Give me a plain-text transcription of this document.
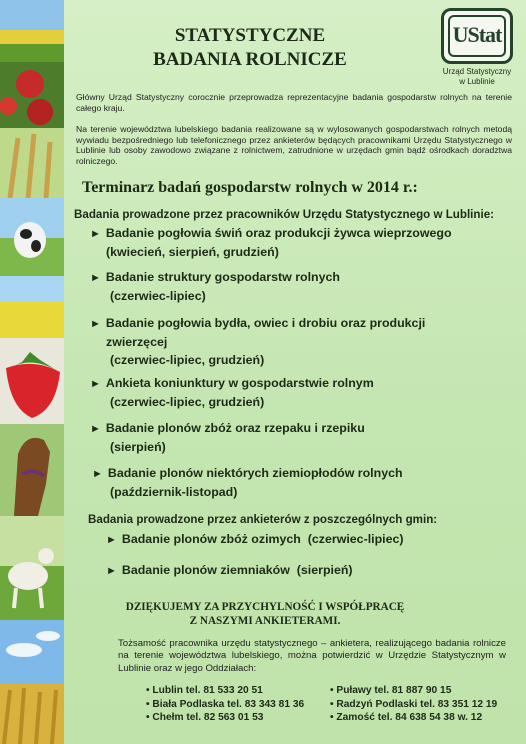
STATYSTYCZNE
BADANIA ROLNICZE
UStat
Urząd Statystyczny
w Lublinie
Główny Urząd Statystyczny corocznie przeprowadza reprezentacyjne badania gospodarstw rolnych na terenie całego kraju.
Na terenie województwa lubelskiego badania realizowane są w wylosowanych gospodarstwach rolnych metodą wywiadu bezpośredniego lub telefonicznego przez ankieterów będących pracownikami Urzędu Statystycznego w Lublinie lub osoby zawodowo związane z rolnictwem, zatrudnione w urzędach gmin bądź ośrodkach doradztwa rolniczego.
Terminarz badań gospodarstw rolnych w 2014 r.:
Badania prowadzone przez pracowników Urzędu Statystycznego w Lublinie:
► Badanie pogłowia świń oraz produkcji żywca wieprzowego
(kwiecień, sierpień, grudzień)
► Badanie struktury gospodarstw rolnych
(czerwiec-lipiec)
► Badanie pogłowia bydła, owiec i drobiu oraz produkcji
zwierzęcej
(czerwiec-lipiec, grudzień)
► Ankieta koniunktury w gospodarstwie rolnym
(czerwiec-lipiec, grudzień)
► Badanie plonów zbóż oraz rzepaku i rzepiku
(sierpień)
► Badanie plonów niektórych ziemiopłodów rolnych
(październik-listopad)
Badania prowadzone przez ankieterów z poszczególnych gmin:
► Badanie plonów zbóż ozimych (czerwiec-lipiec)
► Badanie plonów ziemniaków (sierpień)
DZIĘKUJEMY ZA PRZYCHYLNOŚĆ I WSPÓŁPRACĘ
Z NASZYMI ANKIETERAMI.
Tożsamość pracownika urzędu statystycznego – ankietera, realizującego badania rolnicze na terenie województwa lubelskiego, można potwierdzić w Urzędzie Statystycznym w Lublinie oraz w jego Oddziałach:
• Lublin tel. 81 533 20 51
• Biała Podlaska tel. 83 343 81 36
• Chełm tel. 82 563 01 53
• Puławy tel. 81 887 90 15
• Radzyń Podlaski tel. 83 351 12 19
• Zamość tel. 84 638 54 38 w. 12
